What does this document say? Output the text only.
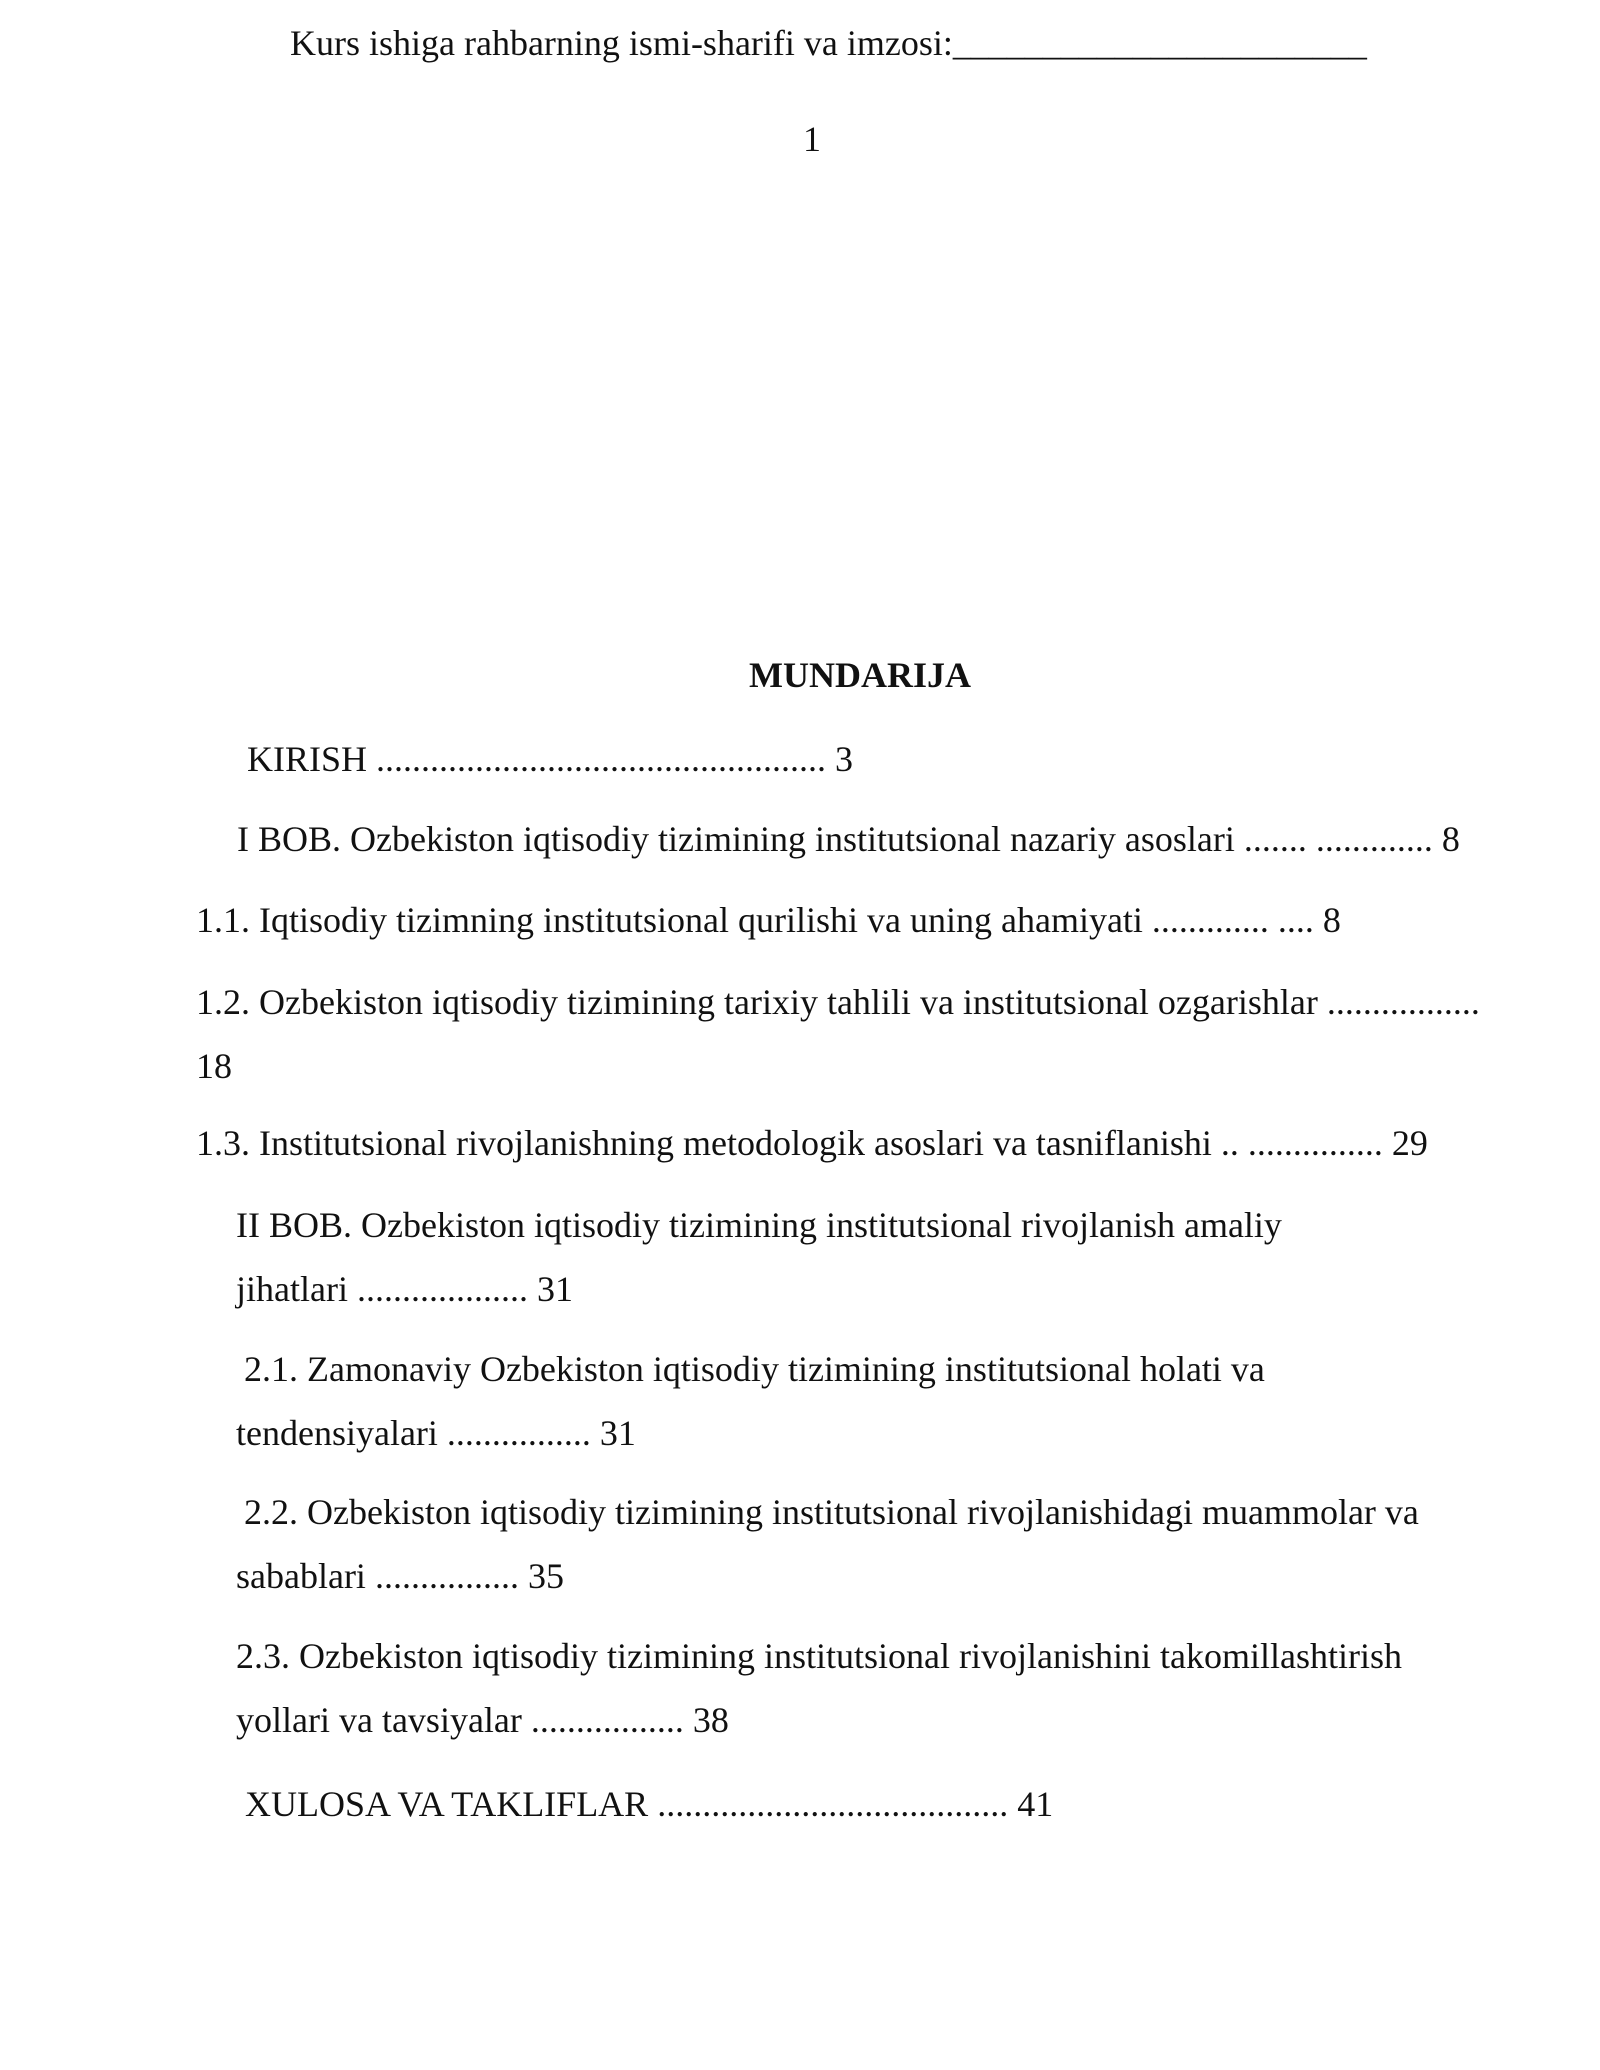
Kurs ishiga rahbarning ismi-sharifi va imzosi:_______________________

1

MUNDARIJA

KIRISH .................................................. 3

I BOB. Ozbekiston iqtisodiy tizimining institutsional nazariy asoslari ....... ............. 8

1.1. Iqtisodiy tizimning institutsional qurilishi va uning ahamiyati ............. .... 8

1.2. Ozbekiston iqtisodiy tizimining tarixiy tahlili va institutsional ozgarishlar ................. 18

1.3. Institutsional rivojlanishning metodologik asoslari va tasniflanishi .. ............... 29

II BOB. Ozbekiston iqtisodiy tizimining institutsional rivojlanish amaliy jihatlari ................... 31

2.1. Zamonaviy Ozbekiston iqtisodiy tizimining institutsional holati va tendensiyalari ................ 31

2.2. Ozbekiston iqtisodiy tizimining institutsional rivojlanishidagi muammolar va sabablari ................ 35

2.3. Ozbekiston iqtisodiy tizimining institutsional rivojlanishini takomillashtirish yollari va tavsiyalar ................. 38

XULOSA VA TAKLIFLAR ....................................... 41
